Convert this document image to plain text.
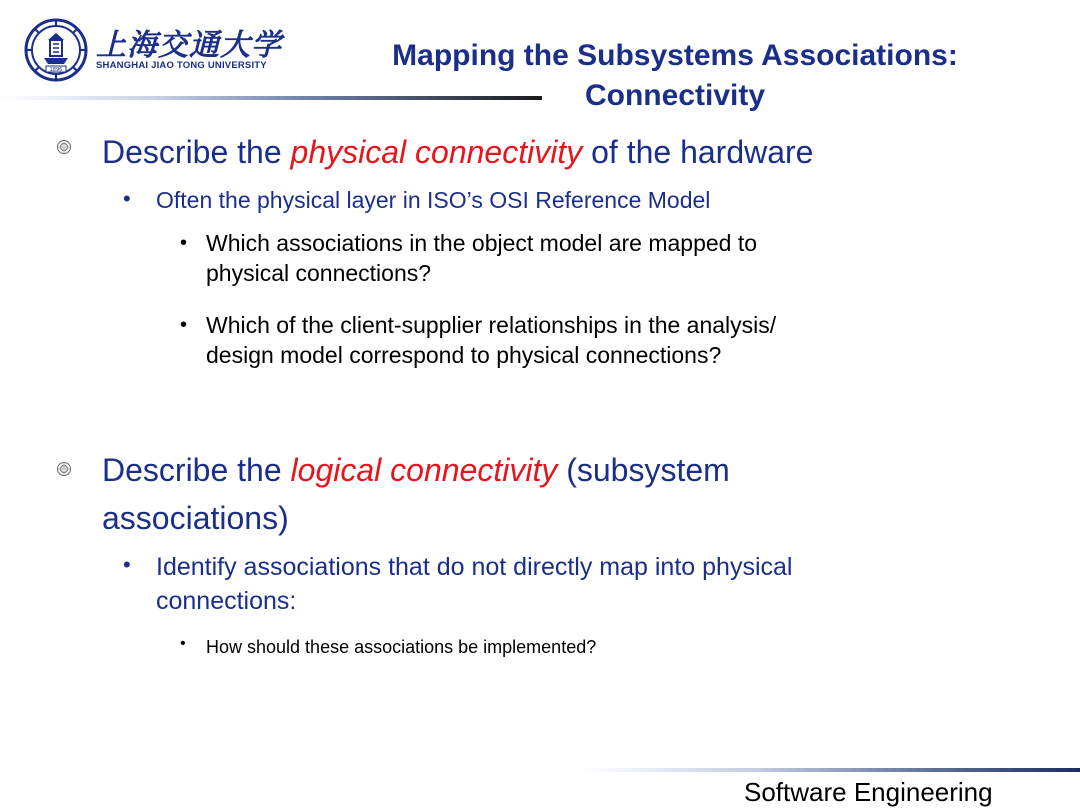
1896
上海交通大学
SHANGHAI JIAO TONG UNIVERSITY	Mapping the Subsystems Associations:
Connectivity
Describe the physical connectivity of the hardware
• Often the physical layer in ISO’s OSI Reference Model
• Which associations in the object model are mapped to
physical connections?
• Which of the client-supplier relationships in the analysis/
design model correspond to physical connections?
Describe the logical connectivity (subsystem
associations)
• Identify associations that do not directly map into physical
connections:
• How should these associations be implemented?
Software Engineering
